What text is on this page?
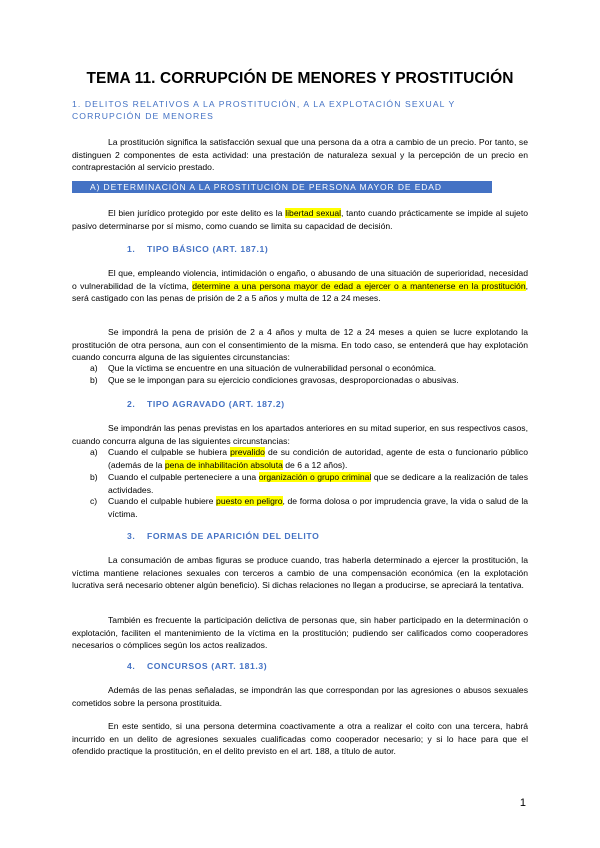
TEMA 11. CORRUPCIÓN DE MENORES Y PROSTITUCIÓN
1. DELITOS RELATIVOS A LA PROSTITUCIÓN, A LA EXPLOTACIÓN SEXUAL Y CORRUPCIÓN DE MENORES
La prostitución significa la satisfacción sexual que una persona da a otra a cambio de un precio. Por tanto, se distinguen 2 componentes de esta actividad: una prestación de naturaleza sexual y la percepción de un precio en contraprestación al servicio prestado.
A) DETERMINACIÓN A LA PROSTITUCIÓN DE PERSONA MAYOR DE EDAD
El bien jurídico protegido por este delito es la libertad sexual, tanto cuando prácticamente se impide al sujeto pasivo determinarse por sí mismo, como cuando se limita su capacidad de decisión.
1. TIPO BÁSICO (ART. 187.1)
El que, empleando violencia, intimidación o engaño, o abusando de una situación de superioridad, necesidad o vulnerabilidad de la víctima, determine a una persona mayor de edad a ejercer o a mantenerse en la prostitución, será castigado con las penas de prisión de 2 a 5 años y multa de 12 a 24 meses.
Se impondrá la pena de prisión de 2 a 4 años y multa de 12 a 24 meses a quien se lucre explotando la prostitución de otra persona, aun con el consentimiento de la misma. En todo caso, se entenderá que hay explotación cuando concurra alguna de las siguientes circunstancias:
a) Que la víctima se encuentre en una situación de vulnerabilidad personal o económica.
b) Que se le impongan para su ejercicio condiciones gravosas, desproporcionadas o abusivas.
2. TIPO AGRAVADO (ART. 187.2)
Se impondrán las penas previstas en los apartados anteriores en su mitad superior, en sus respectivos casos, cuando concurra alguna de las siguientes circunstancias:
a) Cuando el culpable se hubiera prevalido de su condición de autoridad, agente de esta o funcionario público (además de la pena de inhabilitación absoluta de 6 a 12 años).
b) Cuando el culpable perteneciere a una organización o grupo criminal que se dedicare a la realización de tales actividades.
c) Cuando el culpable hubiere puesto en peligro, de forma dolosa o por imprudencia grave, la vida o salud de la víctima.
3. FORMAS DE APARICIÓN DEL DELITO
La consumación de ambas figuras se produce cuando, tras haberla determinado a ejercer la prostitución, la víctima mantiene relaciones sexuales con terceros a cambio de una compensación económica (en la explotación lucrativa será necesario obtener algún beneficio). Si dichas relaciones no llegan a producirse, se apreciará la tentativa.
También es frecuente la participación delictiva de personas que, sin haber participado en la determinación o explotación, faciliten el mantenimiento de la víctima en la prostitución; pudiendo ser calificados como cooperadores necesarios o cómplices según los actos realizados.
4. CONCURSOS (ART. 181.3)
Además de las penas señaladas, se impondrán las que correspondan por las agresiones o abusos sexuales cometidos sobre la persona prostituida.
En este sentido, si una persona determina coactivamente a otra a realizar el coito con una tercera, habrá incurrido en un delito de agresiones sexuales cualificadas como cooperador necesario; y si lo hace para que el ofendido practique la prostitución, en el delito previsto en el art. 188, a título de autor.
1
